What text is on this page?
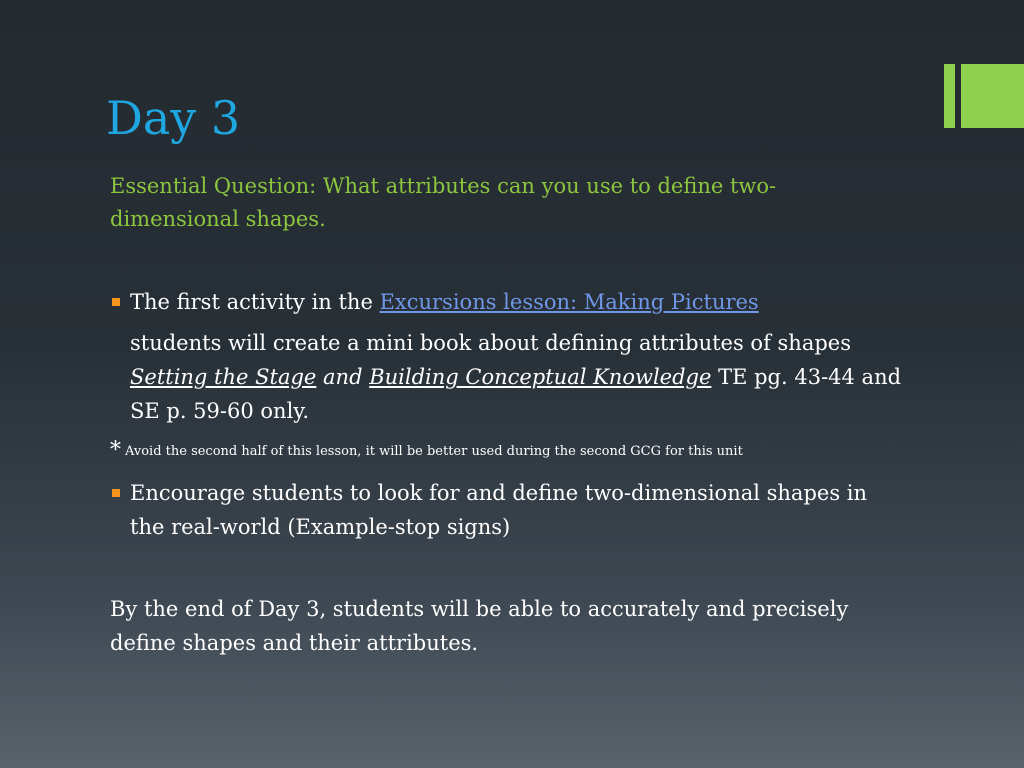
Day 3

Essential Question: What attributes can you use to define two-dimensional shapes.

The first activity in the Excursions lesson: Making Pictures

students will create a mini book about defining attributes of shapes Setting the Stage and Building Conceptual Knowledge TE pg. 43-44 and SE p. 59-60 only.

* Avoid the second half of this lesson, it will be better used during the second GCG for this unit
Encourage students to look for and define two-dimensional shapes in the real-world (Example-stop signs)

By the end of Day 3, students will be able to accurately and precisely define shapes and their attributes.
